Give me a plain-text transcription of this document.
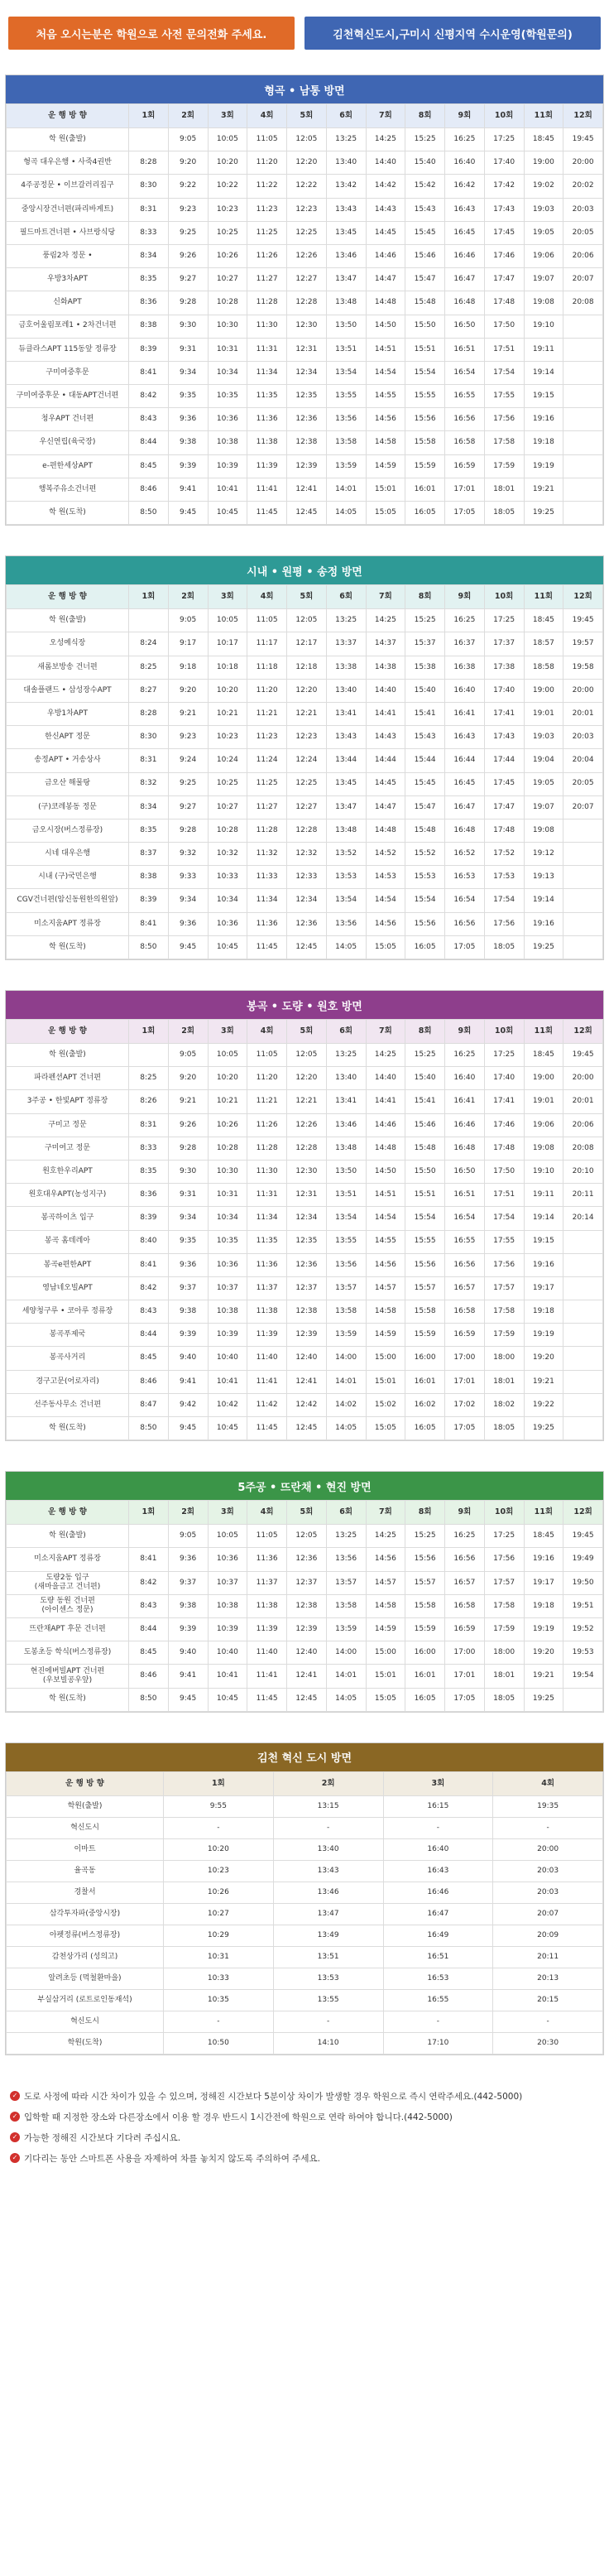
처음 오시는분은 학원으로 사전 문의전화 주세요.	김천혁신도시,구미시 신평지역 수시운영(학원문의)
형곡 • 남통 방면
운 행 방 향	1회	2회	3회	4회	5회	6회	7회	8회	9회	10회	11회	12회
학 원(출발)		9:05	10:05	11:05	12:05	13:25	14:25	15:25	16:25	17:25	18:45	19:45
형곡 대우은행 • 사죽4권반	8:28	9:20	10:20	11:20	12:20	13:40	14:40	15:40	16:40	17:40	19:00	20:00
4주공정문 • 이브갈러리집구	8:30	9:22	10:22	11:22	12:22	13:42	14:42	15:42	16:42	17:42	19:02	20:02
중앙시장건너편(파리바게트)	8:31	9:23	10:23	11:23	12:23	13:43	14:43	15:43	16:43	17:43	19:03	20:03
필드마트건너편 • 사브랑식당	8:33	9:25	10:25	11:25	12:25	13:45	14:45	15:45	16:45	17:45	19:05	20:05
풍림2차 정문 •	8:34	9:26	10:26	11:26	12:26	13:46	14:46	15:46	16:46	17:46	19:06	20:06
우방3차APT	8:35	9:27	10:27	11:27	12:27	13:47	14:47	15:47	16:47	17:47	19:07	20:07
신화APT	8:36	9:28	10:28	11:28	12:28	13:48	14:48	15:48	16:48	17:48	19:08	20:08
금호어울림포레1 • 2차건너편	8:38	9:30	10:30	11:30	12:30	13:50	14:50	15:50	16:50	17:50	19:10	
듀클라스APT 115동앞 정류장	8:39	9:31	10:31	11:31	12:31	13:51	14:51	15:51	16:51	17:51	19:11	
구미여중후문	8:41	9:34	10:34	11:34	12:34	13:54	14:54	15:54	16:54	17:54	19:14	
구미여중후문 • 대동APT건너편	8:42	9:35	10:35	11:35	12:35	13:55	14:55	15:55	16:55	17:55	19:15	
청우APT 건너편	8:43	9:36	10:36	11:36	12:36	13:56	14:56	15:56	16:56	17:56	19:16	
우신연립(육국장)	8:44	9:38	10:38	11:38	12:38	13:58	14:58	15:58	16:58	17:58	19:18	
e-편한세상APT	8:45	9:39	10:39	11:39	12:39	13:59	14:59	15:59	16:59	17:59	19:19	
행복주유소건너편	8:46	9:41	10:41	11:41	12:41	14:01	15:01	16:01	17:01	18:01	19:21	
학 원(도착)	8:50	9:45	10:45	11:45	12:45	14:05	15:05	16:05	17:05	18:05	19:25	
시내 • 원평 • 송정 방면
운 행 방 향	1회	2회	3회	4회	5회	6회	7회	8회	9회	10회	11회	12회
학 원(출발)		9:05	10:05	11:05	12:05	13:25	14:25	15:25	16:25	17:25	18:45	19:45
오성예식장	8:24	9:17	10:17	11:17	12:17	13:37	14:37	15:37	16:37	17:37	18:57	19:57
새롬보방송 건너편	8:25	9:18	10:18	11:18	12:18	13:38	14:38	15:38	16:38	17:38	18:58	19:58
대솔플랜드 • 삼성장수APT	8:27	9:20	10:20	11:20	12:20	13:40	14:40	15:40	16:40	17:40	19:00	20:00
우방1차APT	8:28	9:21	10:21	11:21	12:21	13:41	14:41	15:41	16:41	17:41	19:01	20:01
한신APT 정문	8:30	9:23	10:23	11:23	12:23	13:43	14:43	15:43	16:43	17:43	19:03	20:03
송정APT • 거송상사	8:31	9:24	10:24	11:24	12:24	13:44	14:44	15:44	16:44	17:44	19:04	20:04
금오산 해물탕	8:32	9:25	10:25	11:25	12:25	13:45	14:45	15:45	16:45	17:45	19:05	20:05
(구)코레봉동 정문	8:34	9:27	10:27	11:27	12:27	13:47	14:47	15:47	16:47	17:47	19:07	20:07
금오시장(버스정류장)	8:35	9:28	10:28	11:28	12:28	13:48	14:48	15:48	16:48	17:48	19:08	
시네 대우은행	8:37	9:32	10:32	11:32	12:32	13:52	14:52	15:52	16:52	17:52	19:12	
시내 (구)국민은행	8:38	9:33	10:33	11:33	12:33	13:53	14:53	15:53	16:53	17:53	19:13	
CGV건너편(암신동원한의원앞)	8:39	9:34	10:34	11:34	12:34	13:54	14:54	15:54	16:54	17:54	19:14	
미소지움APT 정류장	8:41	9:36	10:36	11:36	12:36	13:56	14:56	15:56	16:56	17:56	19:16	
학 원(도착)	8:50	9:45	10:45	11:45	12:45	14:05	15:05	16:05	17:05	18:05	19:25	
봉곡 • 도량 • 원호 방면
운 행 방 향	1회	2회	3회	4회	5회	6회	7회	8회	9회	10회	11회	12회
학 원(출발)		9:05	10:05	11:05	12:05	13:25	14:25	15:25	16:25	17:25	18:45	19:45
파라펜션APT 건너편	8:25	9:20	10:20	11:20	12:20	13:40	14:40	15:40	16:40	17:40	19:00	20:00
3주공 • 한빛APT 정류장	8:26	9:21	10:21	11:21	12:21	13:41	14:41	15:41	16:41	17:41	19:01	20:01
구미고 정문	8:31	9:26	10:26	11:26	12:26	13:46	14:46	15:46	16:46	17:46	19:06	20:06
구미여고 정문	8:33	9:28	10:28	11:28	12:28	13:48	14:48	15:48	16:48	17:48	19:08	20:08
원호한우리APT	8:35	9:30	10:30	11:30	12:30	13:50	14:50	15:50	16:50	17:50	19:10	20:10
원호대우APT(농성지구)	8:36	9:31	10:31	11:31	12:31	13:51	14:51	15:51	16:51	17:51	19:11	20:11
봉곡하이츠 입구	8:39	9:34	10:34	11:34	12:34	13:54	14:54	15:54	16:54	17:54	19:14	20:14
봉곡 홈데레아	8:40	9:35	10:35	11:35	12:35	13:55	14:55	15:55	16:55	17:55	19:15	
봉곡e편한APT	8:41	9:36	10:36	11:36	12:36	13:56	14:56	15:56	16:56	17:56	19:16	
영남네오빌APT	8:42	9:37	10:37	11:37	12:37	13:57	14:57	15:57	16:57	17:57	19:17	
세양청구루 • 코아루 정류장	8:43	9:38	10:38	11:38	12:38	13:58	14:58	15:58	16:58	17:58	19:18	
봉곡푸제국	8:44	9:39	10:39	11:39	12:39	13:59	14:59	15:59	16:59	17:59	19:19	
봉곡사거리	8:45	9:40	10:40	11:40	12:40	14:00	15:00	16:00	17:00	18:00	19:20	
경구고문(어로자리)	8:46	9:41	10:41	11:41	12:41	14:01	15:01	16:01	17:01	18:01	19:21	
선주동사무소 건너편	8:47	9:42	10:42	11:42	12:42	14:02	15:02	16:02	17:02	18:02	19:22	
학 원(도착)	8:50	9:45	10:45	11:45	12:45	14:05	15:05	16:05	17:05	18:05	19:25	
5주공 • 뜨란채 • 현진 방면
운 행 방 향	1회	2회	3회	4회	5회	6회	7회	8회	9회	10회	11회	12회
학 원(출발)		9:05	10:05	11:05	12:05	13:25	14:25	15:25	16:25	17:25	18:45	19:45
미소지움APT 정류장	8:41	9:36	10:36	11:36	12:36	13:56	14:56	15:56	16:56	17:56	19:16	19:49
도량2동 입구
(새마을금고 건너편)	8:42	9:37	10:37	11:37	12:37	13:57	14:57	15:57	16:57	17:57	19:17	19:50
도량 동원 건너편
(아이센스 정문)	8:43	9:38	10:38	11:38	12:38	13:58	14:58	15:58	16:58	17:58	19:18	19:51
뜨란채APT 후문 건너편	8:44	9:39	10:39	11:39	12:39	13:59	14:59	15:59	16:59	17:59	19:19	19:52
도봉초등 학식(버스정류장)	8:45	9:40	10:40	11:40	12:40	14:00	15:00	16:00	17:00	18:00	19:20	19:53
현진에버빌APT 건너편
(우보빌공우앞)	8:46	9:41	10:41	11:41	12:41	14:01	15:01	16:01	17:01	18:01	19:21	19:54
학 원(도착)	8:50	9:45	10:45	11:45	12:45	14:05	15:05	16:05	17:05	18:05	19:25	
김천 혁신 도시 방면
운 행 방 향	1회	2회	3회	4회
학원(출발)	9:55	13:15	16:15	19:35
혁신도시	-	-	-	-
이마트	10:20	13:40	16:40	20:00
율곡동	10:23	13:43	16:43	20:03
경찰서	10:26	13:46	16:46	20:03
삼각투자파(중앙시장)	10:27	13:47	16:47	20:07
아펫정류(버스정류장)	10:29	13:49	16:49	20:09
감천상가리 (성의고)	10:31	13:51	16:51	20:11
알려초등 (먹철환마을)	10:33	13:53	16:53	20:13
부실삼거리 (로트로인동재석)	10:35	13:55	16:55	20:15
혁신도시	-	-	-	-
학원(도착)	10:50	14:10	17:10	20:30
✓ 도로 사정에 따라 시간 차이가 있을 수 있으며, 정해진 시간보다 5분이상 차이가 발생할 경우 학원으로 즉시 연락주세요.(442-5000)
✓ 입학할 때 지정한 장소와 다른장소에서 이용 할 경우 반드시 1시간전에 학원으로 연락 하여야 합니다.(442-5000)
✓ 가능한 정해진 시간보다 기다려 주십시요.
✓ 기다리는 동안 스마트폰 사용을 자제하여 차를 놓치지 않도록 주의하여 주세요.
